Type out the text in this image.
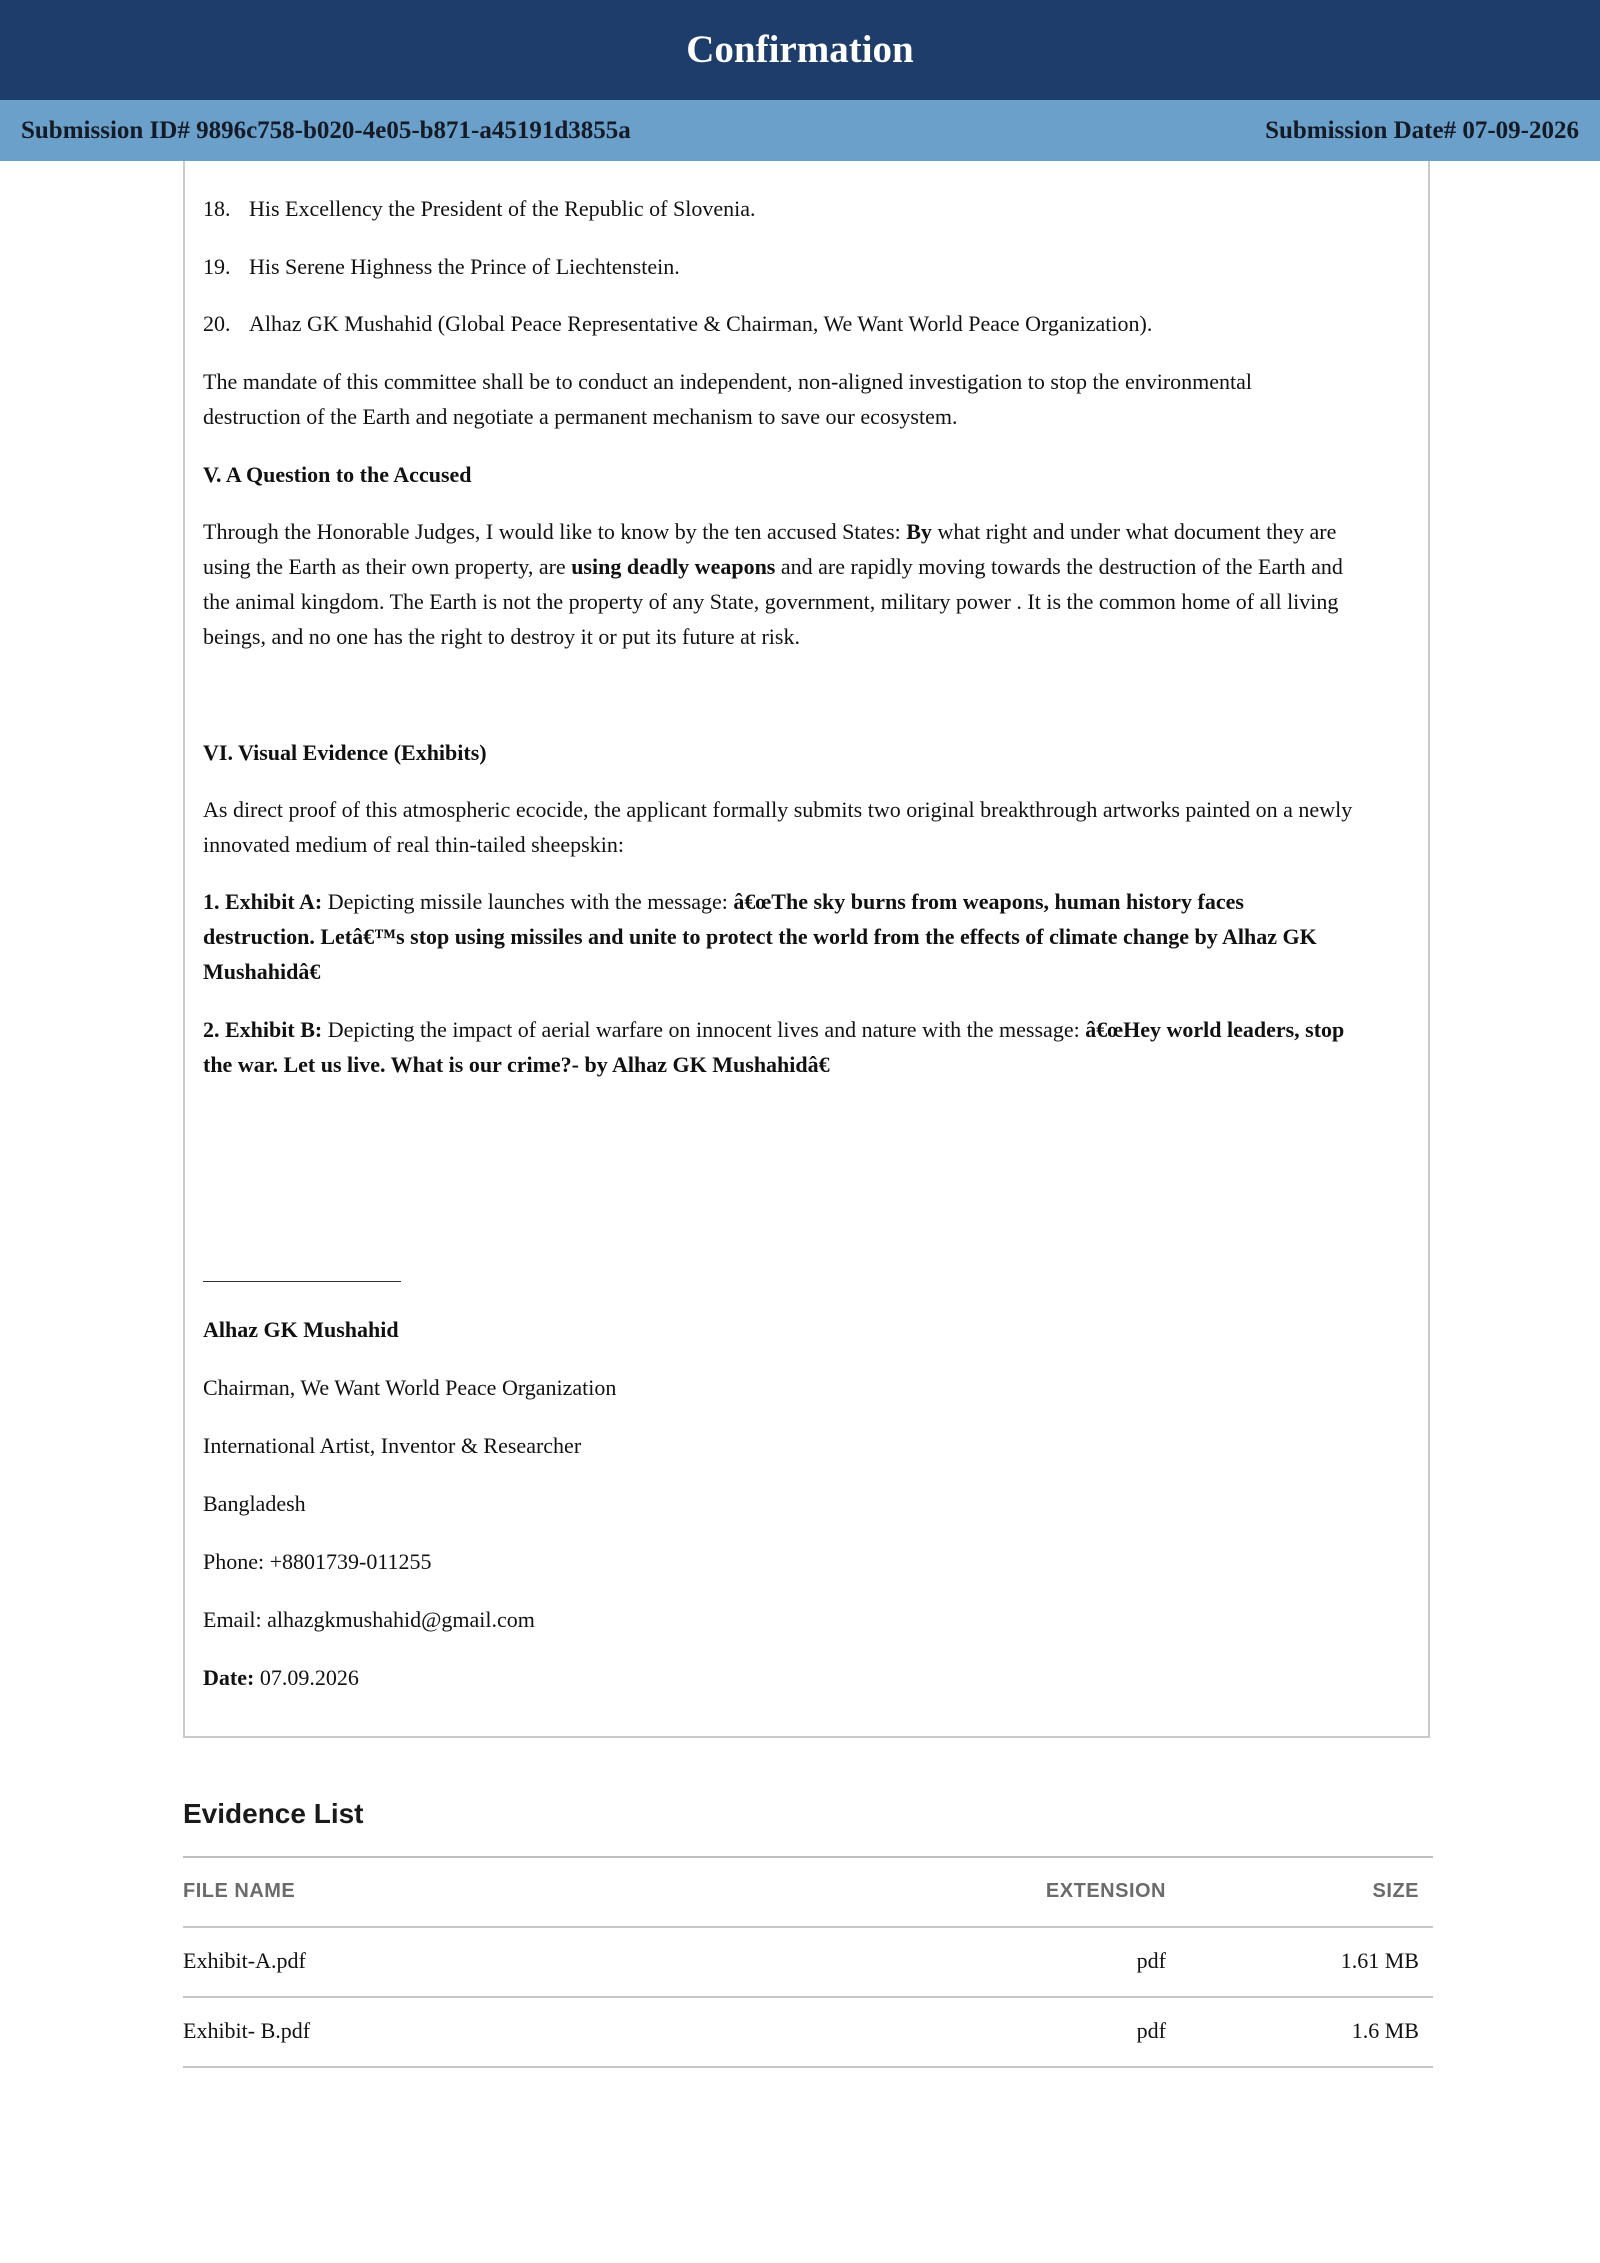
Confirmation
Submission ID# 9896c758-b020-4e05-b871-a45191d3855a	Submission Date# 07-09-2026

18. His Excellency the President of the Republic of Slovenia.

19. His Serene Highness the Prince of Liechtenstein.

20. Alhaz GK Mushahid (Global Peace Representative & Chairman, We Want World Peace Organization).

The mandate of this committee shall be to conduct an independent, non-aligned investigation to stop the environmental
destruction of the Earth and negotiate a permanent mechanism to save our ecosystem.

V. A Question to the Accused

Through the Honorable Judges, I would like to know by the ten accused States: By what right and under what document they are
using the Earth as their own property, are using deadly weapons and are rapidly moving towards the destruction of the Earth and
the animal kingdom. The Earth is not the property of any State, government, military power . It is the common home of all living
beings, and no one has the right to destroy it or put its future at risk.

VI. Visual Evidence (Exhibits)

As direct proof of this atmospheric ecocide, the applicant formally submits two original breakthrough artworks painted on a newly
innovated medium of real thin-tailed sheepskin:

1. Exhibit A: Depicting missile launches with the message: â€œThe sky burns from weapons, human history faces
destruction. Letâ€™s stop using missiles and unite to protect the world from the effects of climate change by Alhaz GK
Mushahidâ€

2. Exhibit B: Depicting the impact of aerial warfare on innocent lives and nature with the message: â€œHey world leaders, stop
the war. Let us live. What is our crime?- by Alhaz GK Mushahidâ€

Alhaz GK Mushahid

Chairman, We Want World Peace Organization

International Artist, Inventor & Researcher

Bangladesh

Phone: +8801739-011255

Email: alhazgkmushahid@gmail.com

Date: 07.09.2026

Evidence List
FILE NAME	EXTENSION	SIZE
Exhibit-A.pdf	pdf	1.61 MB
Exhibit- B.pdf	pdf	1.6 MB
